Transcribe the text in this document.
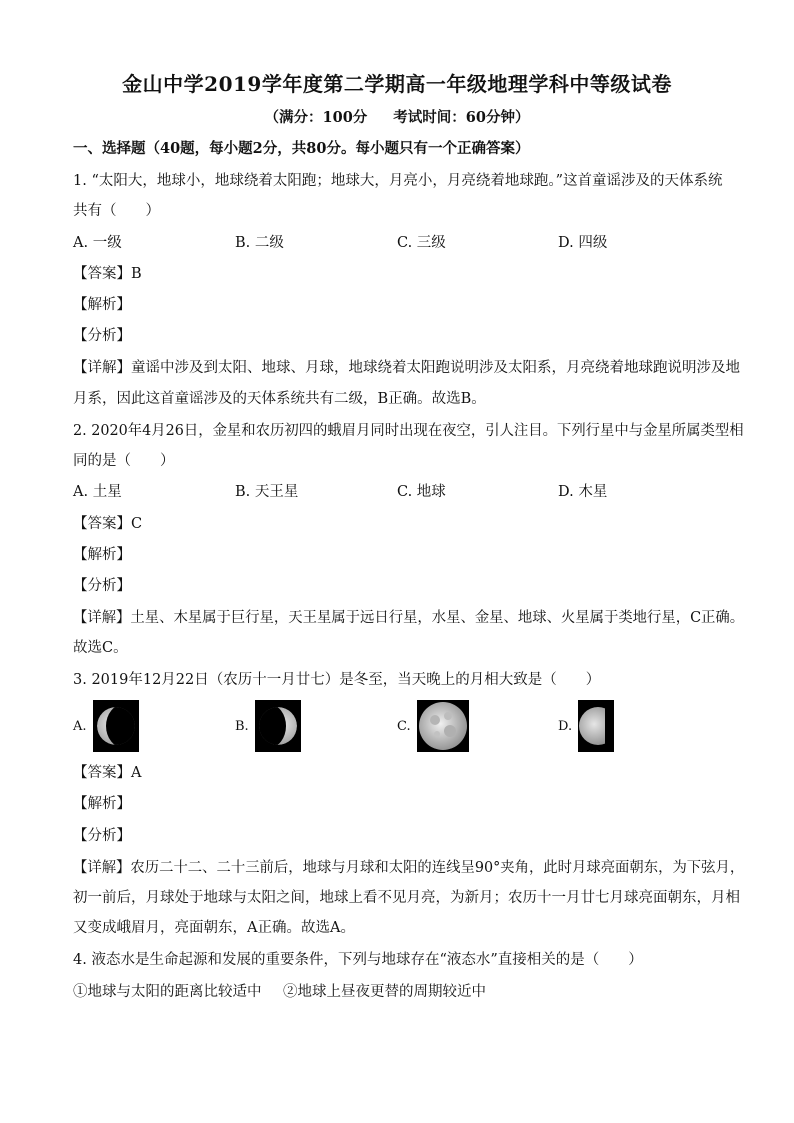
金山中学2019学年度第二学期高一年级地理学科中等级试卷
（满分：100分 考试时间：60分钟）
一、选择题（40题，每小题2分，共80分。每小题只有一个正确答案）
1. “太阳大，地球小，地球绕着太阳跑；地球大，月亮小，月亮绕着地球跑。”这首童谣涉及的天体系统
共有（　　）
A. 一级	B. 二级	C. 三级	D. 四级
【答案】B
【解析】
【分析】
【详解】童谣中涉及到太阳、地球、月球，地球绕着太阳跑说明涉及太阳系，月亮绕着地球跑说明涉及地
月系，因此这首童谣涉及的天体系统共有二级，B正确。故选B。
2. 2020年4月26日，金星和农历初四的蛾眉月同时出现在夜空，引人注目。下列行星中与金星所属类型相
同的是（　　）
A. 土星	B. 天王星	C. 地球	D. 木星
【答案】C
【解析】
【分析】
【详解】土星、木星属于巨行星，天王星属于远日行星，水星、金星、地球、火星属于类地行星，C正确。
故选C。
3. 2019年12月22日（农历十一月廿七）是冬至，当天晚上的月相大致是（　　）
A.	B.	C.	D.
【答案】A
【解析】
【分析】
【详解】农历二十二、二十三前后，地球与月球和太阳的连线呈90°夹角，此时月球亮面朝东，为下弦月，
初一前后，月球处于地球与太阳之间，地球上看不见月亮，为新月；农历十一月廿七月球亮面朝东，月相
又变成峨眉月，亮面朝东，A正确。故选A。
4. 液态水是生命起源和发展的重要条件，下列与地球存在“液态水”直接相关的是（　　）
①地球与太阳的距离比较适中 ②地球上昼夜更替的周期较近中
